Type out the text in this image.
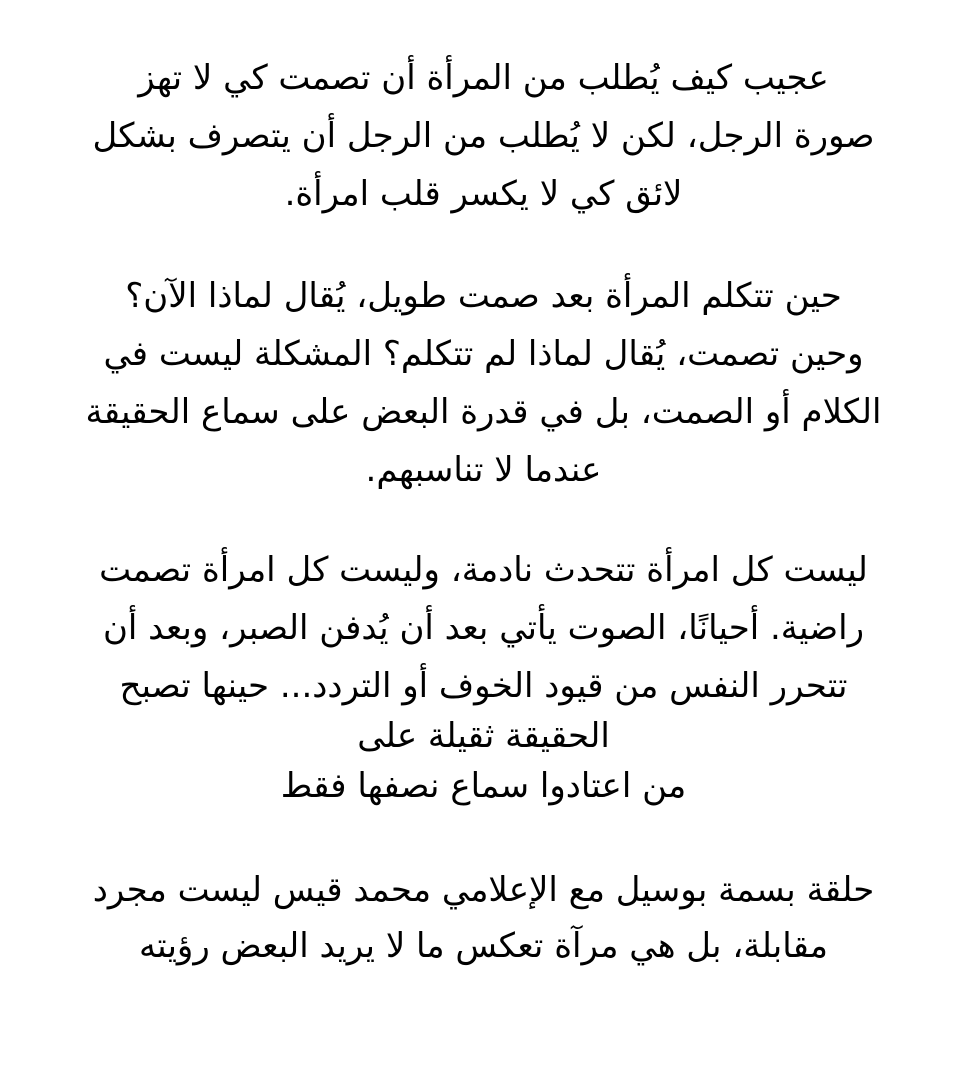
عجيب كيف يُطلب من المرأة أن تصمت كي لا تهز
صورة الرجل، لكن لا يُطلب من الرجل أن يتصرف بشكل
لائق كي لا يكسر قلب امرأة.
حين تتكلم المرأة بعد صمت طويل، يُقال لماذا الآن؟
وحين تصمت، يُقال لماذا لم تتكلم؟ المشكلة ليست في
الكلام أو الصمت، بل في قدرة البعض على سماع الحقيقة
عندما لا تناسبهم.
ليست كل امرأة تتحدث نادمة، وليست كل امرأة تصمت
راضية. أحيانًا، الصوت يأتي بعد أن يُدفن الصبر، وبعد أن
تتحرر النفس من قيود الخوف أو التردد... حينها تصبح
الحقيقة ثقيلة على
من اعتادوا سماع نصفها فقط
حلقة بسمة بوسيل مع الإعلامي محمد قيس ليست مجرد
مقابلة، بل هي مرآة تعكس ما لا يريد البعض رؤيته
